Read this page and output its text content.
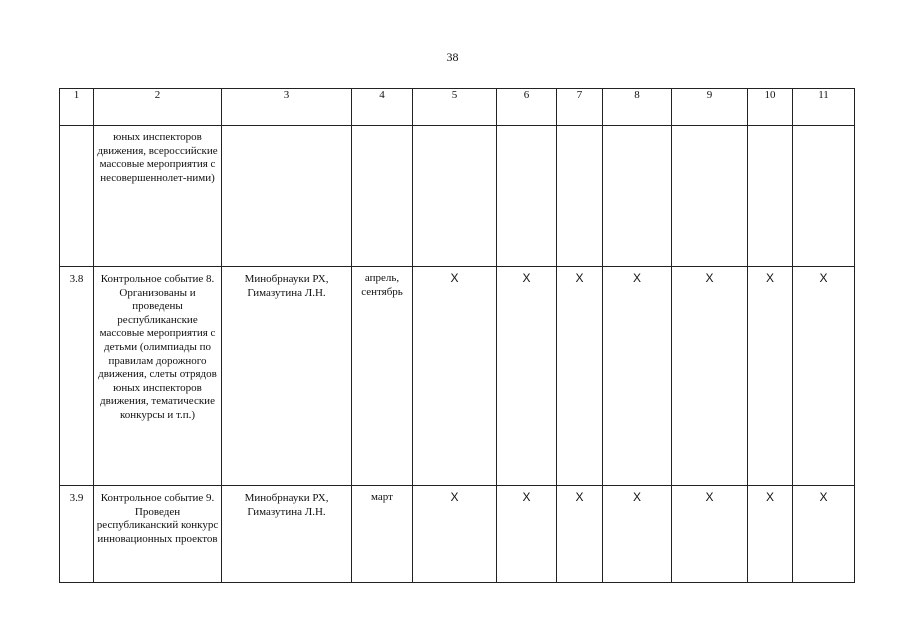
38
1	2	3	4	5	6	7	8	9	10	11

	юных инспекторов движения, всероссийские массовые мероприятия с несовершеннолет-ними)									

3.8	Контрольное событие 8. Организованы и проведены республиканские массовые мероприятия с детьми (олимпиады по правилам дорожного движения, слеты отрядов юных инспекторов движения, тематические конкурсы и т.п.)	Минобрнауки РХ, Гимазутина Л.Н.	апрель, сентябрь	X	X	X	X	X	X	X

3.9	Контрольное событие 9. Проведен республиканский конкурс инновационных проектов	Минобрнауки РХ, Гимазутина Л.Н.	март	X	X	X	X	X	X	X
